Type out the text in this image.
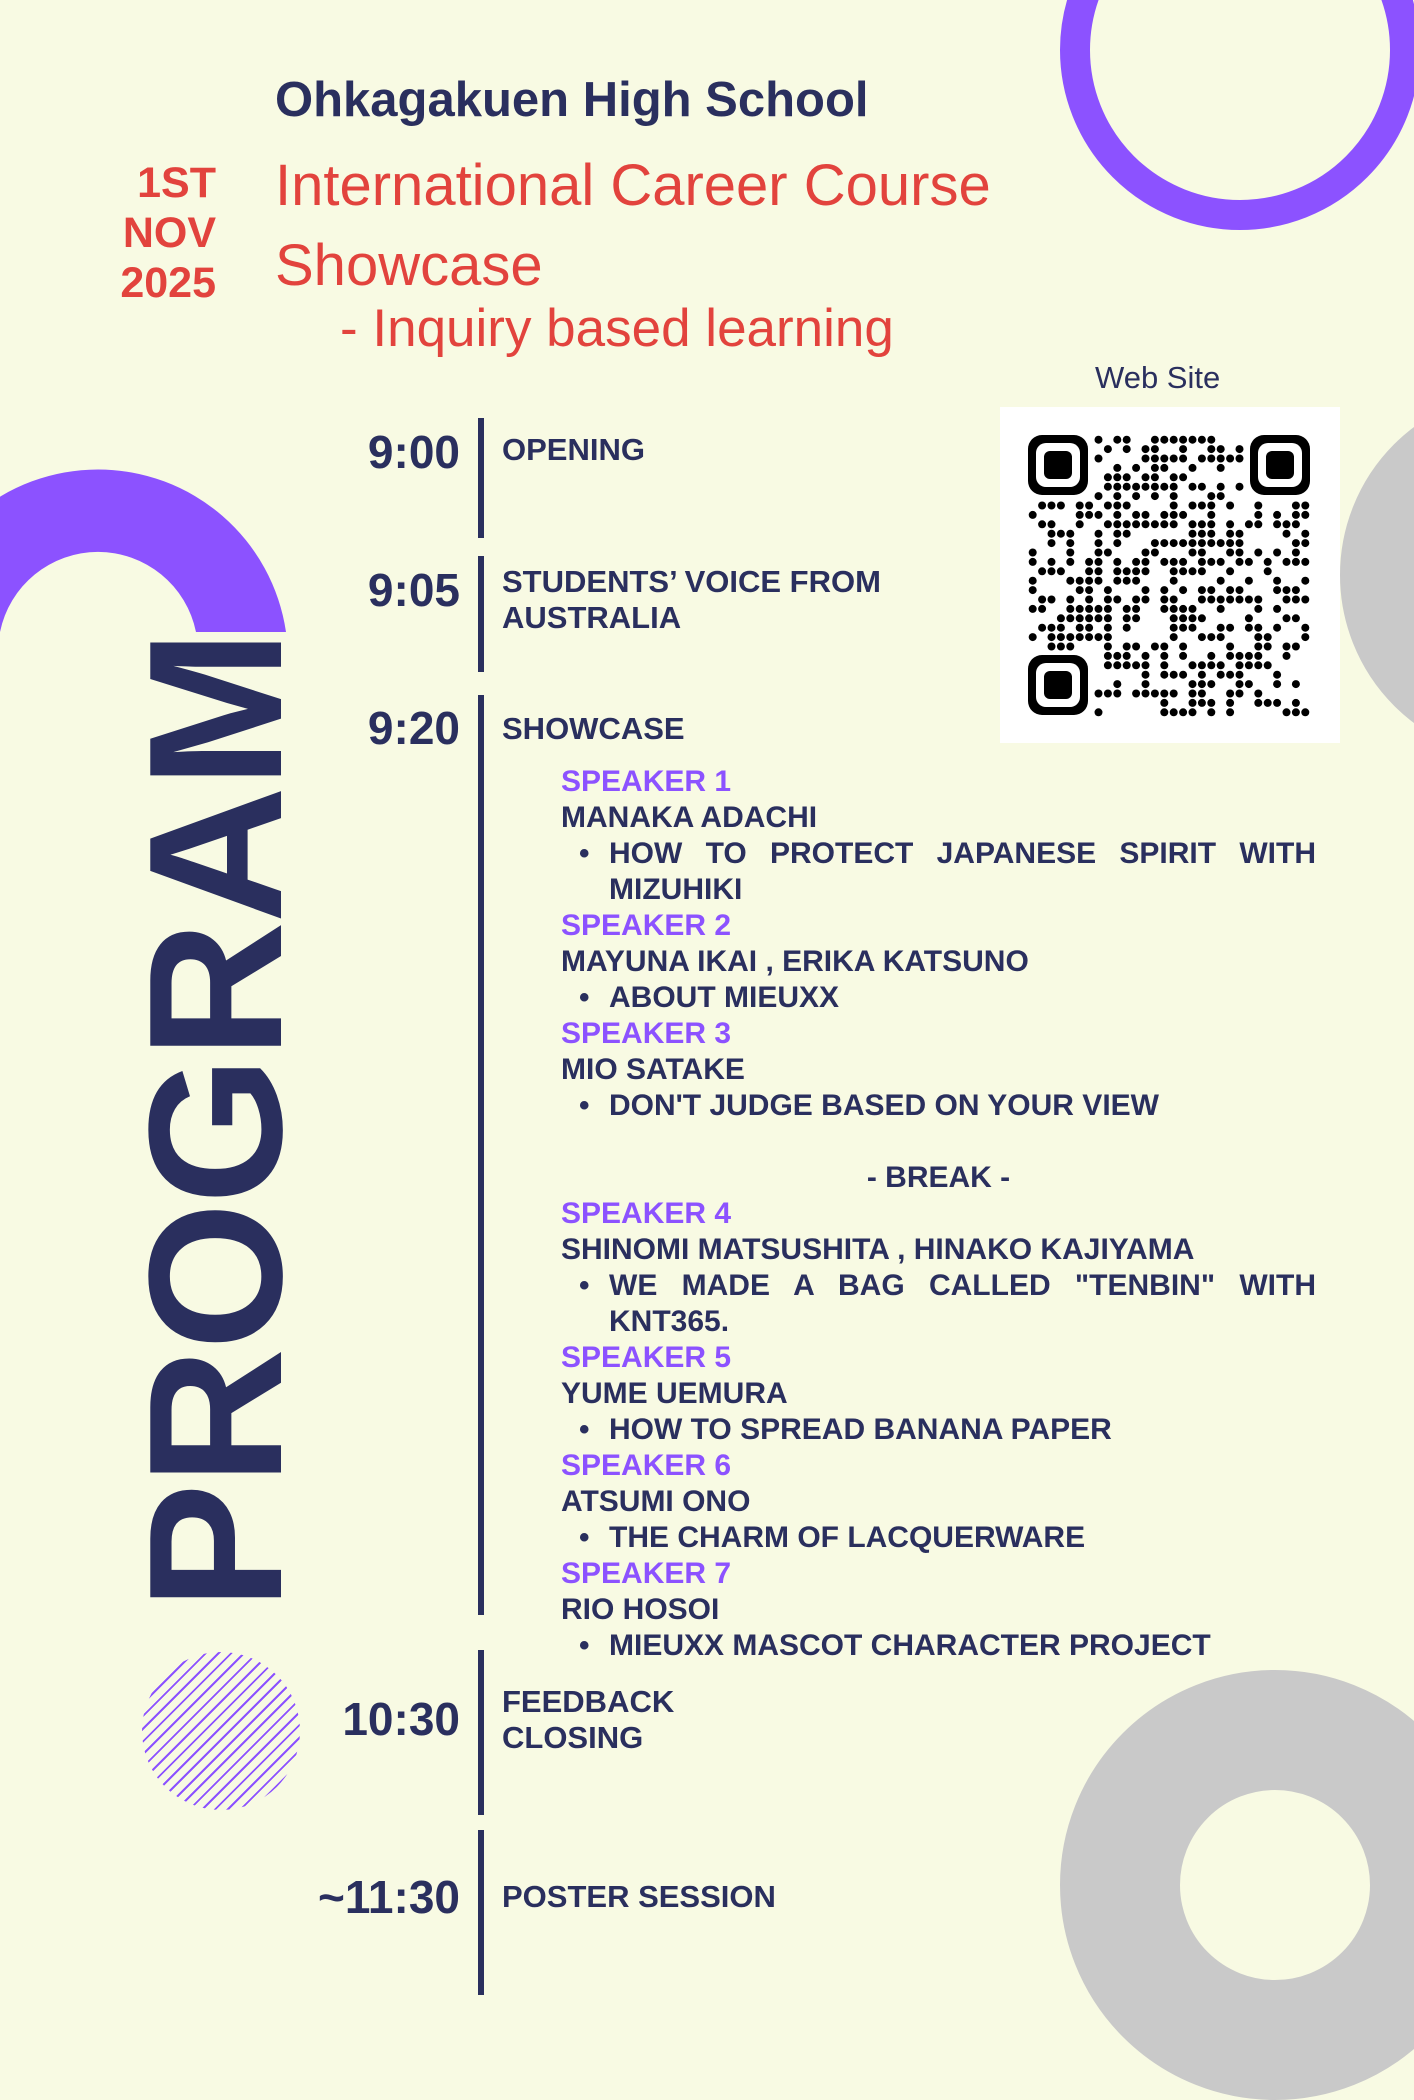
Ohkagakuen High School
1ST
NOV
2025
International Career Course
Showcase
- Inquiry based learning
PROGRAM
Web Site
9:00
9:05
9:20
10:30
~11:30
OPENING
STUDENTS’ VOICE FROM
AUSTRALIA
SHOWCASE
FEEDBACK
CLOSING
POSTER SESSION
SPEAKER 1
MANAKA ADACHI
• HOW TO PROTECT JAPANESE SPIRIT WITH MIZUHIKI
SPEAKER 2
MAYUNA IKAI , ERIKA KATSUNO
• ABOUT MIEUXX
SPEAKER 3
MIO SATAKE
• DON'T JUDGE BASED ON YOUR VIEW
- BREAK -
SPEAKER 4
SHINOMI MATSUSHITA , HINAKO KAJIYAMA
• WE MADE A BAG CALLED "TENBIN" WITH KNT365.
SPEAKER 5
YUME UEMURA
• HOW TO SPREAD BANANA PAPER
SPEAKER 6
ATSUMI ONO
• THE CHARM OF LACQUERWARE
SPEAKER 7
RIO HOSOI
• MIEUXX MASCOT CHARACTER PROJECT
